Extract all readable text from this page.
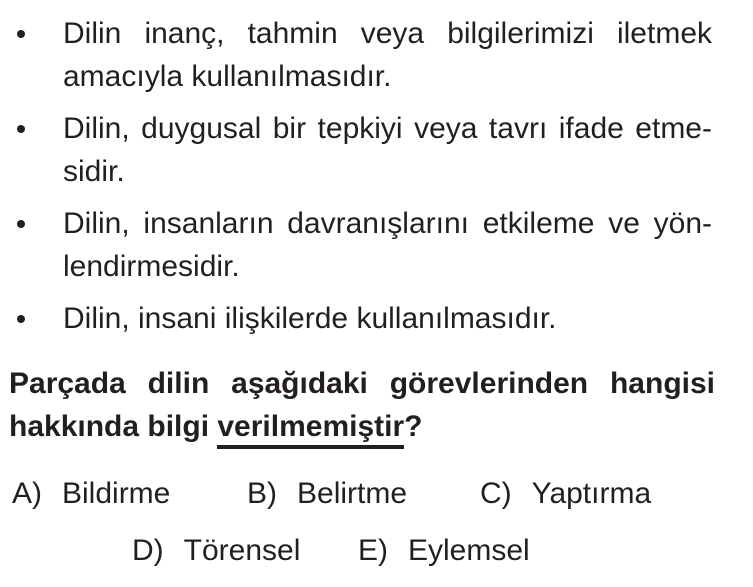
Dilin inanç, tahmin veya bilgilerimizi iletmek
amacıyla kullanılmasıdır.
Dilin, duygusal bir tepkiyi veya tavrı ifade etme-
sidir.
Dilin, insanların davranışlarını etkileme ve yön-
lendirmesidir.
Dilin, insani ilişkilerde kullanılmasıdır.
Parçada dilin aşağıdaki görevlerinden hangisi
hakkında bilgi verilmemiştir?
A) Bildirme	B) Belirtme C) Yaptırma
D) Törensel E) Eylemsel
